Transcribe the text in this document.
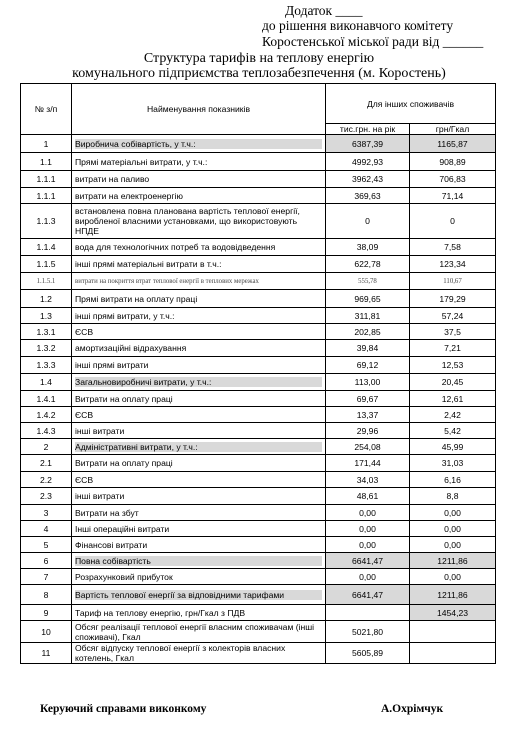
Додаток ____
до рішення виконавчого комітету
Коростенської міської ради від ______
Структура тарифів на теплову енергію
комунального підприємства теплозабезпечення (м. Коростень)
№ з/п	Найменування показників	Для інших споживачів	
		тис.грн. на рік	грн/Гкал
1	Виробнича собівартість, у т.ч.:	6387,39	1165,87
1.1	Прямі матеріальні витрати, у т.ч.:	4992,93	908,89
1.1.1	витрати на паливо	3962,43	706,83
1.1.1	витрати на електроенергію	369,63	71,14
1.1.3	встановлена повна планована вартість теплової енергії, виробленої власними установками, що використовують НПДЕ	0	0
1.1.4	вода для технологічних потреб та водовідведення	38,09	7,58
1.1.5	інші прямі матеріальні витрати в т.ч.:	622,78	123,34
1.1.5.1	витрати на покриття втрат теплової енергії в теплових мережах	555,78	110,67
1.2	Прямі витрати на оплату праці	969,65	179,29
1.3	інші прямі витрати, у т.ч.:	311,81	57,24
1.3.1	ЄСВ	202,85	37,5
1.3.2	амортизаційні відрахування	39,84	7,21
1.3.3	інші прямі витрати	69,12	12,53
1.4	Загальновиробничі витрати, у т.ч.:	113,00	20,45
1.4.1	Витрати на оплату праці	69,67	12,61
1.4.2	ЄСВ	13,37	2,42
1.4.3	інші витрати	29,96	5,42
2	Адміністративні витрати, у т.ч.:	254,08	45,99
2.1	Витрати на оплату праці	171,44	31,03
2.2	ЄСВ	34,03	6,16
2.3	інші витрати	48,61	8,8
3	Витрати на збут	0,00	0,00
4	Інші операційні витрати	0,00	0,00
5	Фінансові витрати	0,00	0,00
6	Повна собівартість	6641,47	1211,86
7	Розрахунковий прибуток	0,00	0,00
8	Вартість теплової енергії за відповідними тарифами	6641,47	1211,86
9	Тариф на теплову енергію, грн/Гкал з ПДВ		1454,23
10	Обсяг реалізації теплової енергії власним споживачам (інші споживачі), Гкал	5021,80	
11	Обсяг відпуску теплової енергії з колекторів власних котелень, Гкал	5605,89	
Керуючий справами виконкому	А.Охрімчук
